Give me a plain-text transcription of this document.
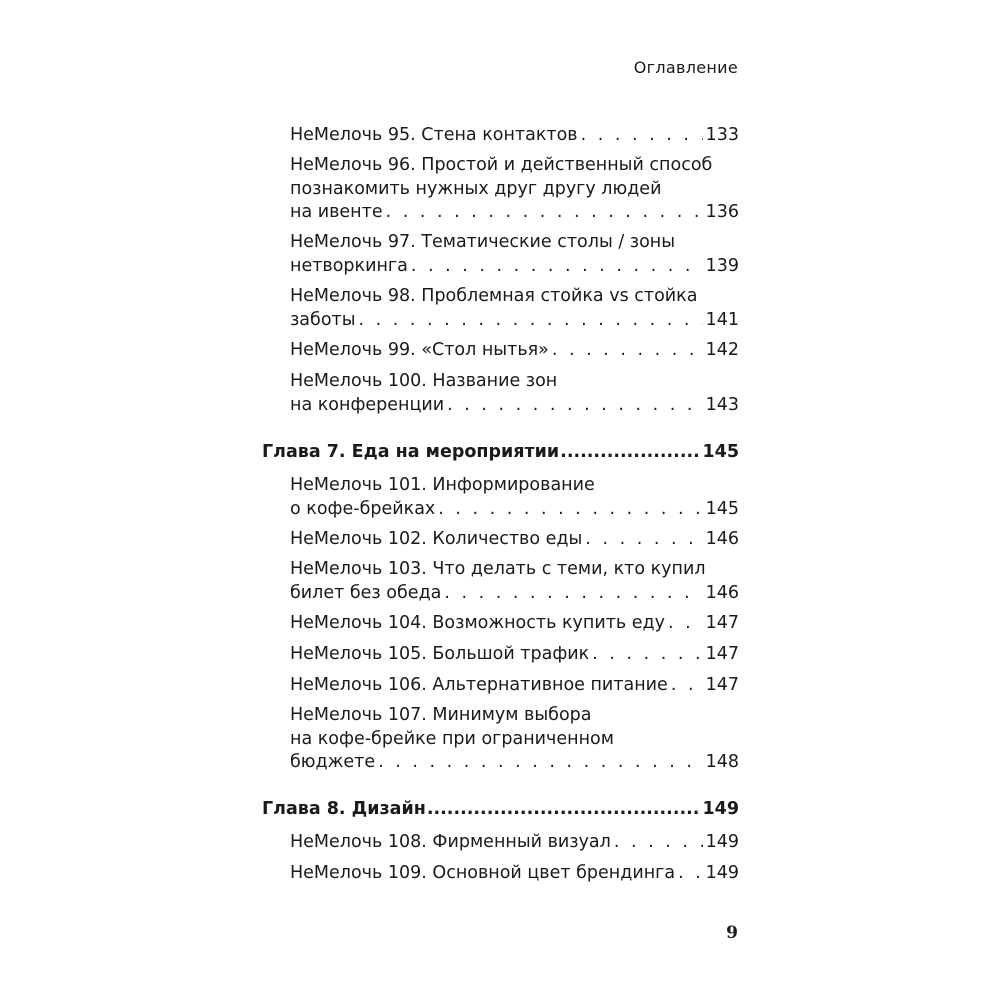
Оглавление
НеМелочь 95. Стена контактов . . .	133
НеМелочь 96. Простой и действенный способ
познакомить нужных друг другу людей
на ивенте . . .	136
НеМелочь 97. Тематические столы / зоны
нетворкинга . . .	139
НеМелочь 98. Проблемная стойка vs стойка
заботы . . .	141
НеМелочь 99. «Стол нытья» . . .	142
НеМелочь 100. Название зон
на конференции . . .	143
Глава 7. Еда на мероприятии .....	145
НеМелочь 101. Информирование
о кофе-брейках . . .	145
НеМелочь 102. Количество еды . . .	146
НеМелочь 103. Что делать с теми, кто купил
билет без обеда . . .	146
НеМелочь 104. Возможность купить еду . . . 147
НеМелочь 105. Большой трафик . . .	147
НеМелочь 106. Альтернативное питание . . . 147
НеМелочь 107. Минимум выбора
на кофе-брейке при ограниченном
бюджете . . .	148
Глава 8. Дизайн .....	149
НеМелочь 108. Фирменный визуал . . .	149
НеМелочь 109. Основной цвет брендинга . . . 149
9
